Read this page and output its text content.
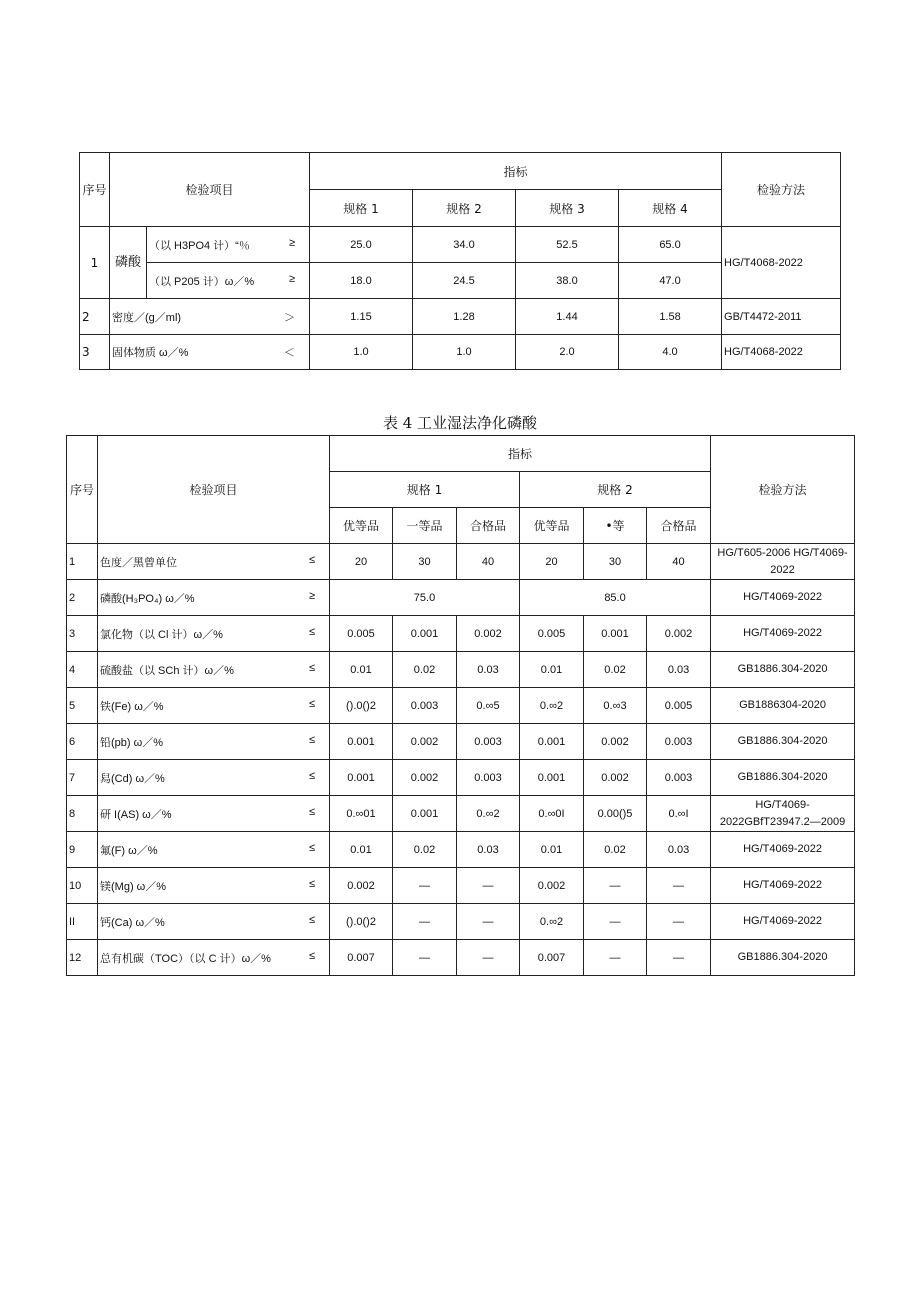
序号	检验项目		指标				检验方法
			规格 1	规格 2	规格 3	规格 4	
1	磷酸	（以 H3PO4 计）“％ ≥	25.0	34.0	52.5	65.0	HG/T4068-2022
		（以 P205 计）ω／% ≥	18.0	24.5	38.0	47.0	
2	密度／(g／ml) ＞		1.15	1.28	1.44	1.58	GB/T4472-2011
3	固体物质 ω／% ＜		1.0	1.0	2.0	4.0	HG/T4068-2022
表 4 工业湿法净化磷酸
序号	检验项目	指标						检验方法
		规格 1			规格 2			
		优等品	一等品	合格品	优等品	•等	合格品	
1	色度／黑曾单位 ≤	20	30	40	20	30	40	HG/T605-2006 HG/T4069-2022
2	磷酸(H₃PO₄) ω／% ≥	75.0			85.0			HG/T4069-2022
3	氯化物（以 Cl 计）ω／% ≤	0.005	0.001	0.002	0.005	0.001	0.002	HG/T4069-2022
4	硫酸盐（以 SCh 计）ω／% ≤	0.01	0.02	0.03	0.01	0.02	0.03	GB1886.304-2020
5	铁(Fe) ω／% ≤	().0()2	0.003	0.∞5	0.∞2	0.∞3	0.005	GB1886304-2020
6	铅(pb) ω／% ≤	0.001	0.002	0.003	0.001	0.002	0.003	GB1886.304-2020
7	舄(Cd) ω／% ≤	0.001	0.002	0.003	0.001	0.002	0.003	GB1886.304-2020
8	研 I(AS) ω／% ≤	0.∞01	0.001	0.∞2	0.∞0I	0.00()5	0.∞I	HG/T4069-2022GBfT23947.2—2009
9	氟(F) ω／% ≤	0.01	0.02	0.03	0.01	0.02	0.03	HG/T4069-2022
10	镁(Mg) ω／% ≤	0.002	—	—	0.002	—	—	HG/T4069-2022
II	钙(Ca) ω／% ≤	().0()2	—	—	0.∞2	—	—	HG/T4069-2022
12	总有机碳（TOC）（以 C 计）ω／% ≤	0.007	—	—	0.007	—	—	GB1886.304-2020
